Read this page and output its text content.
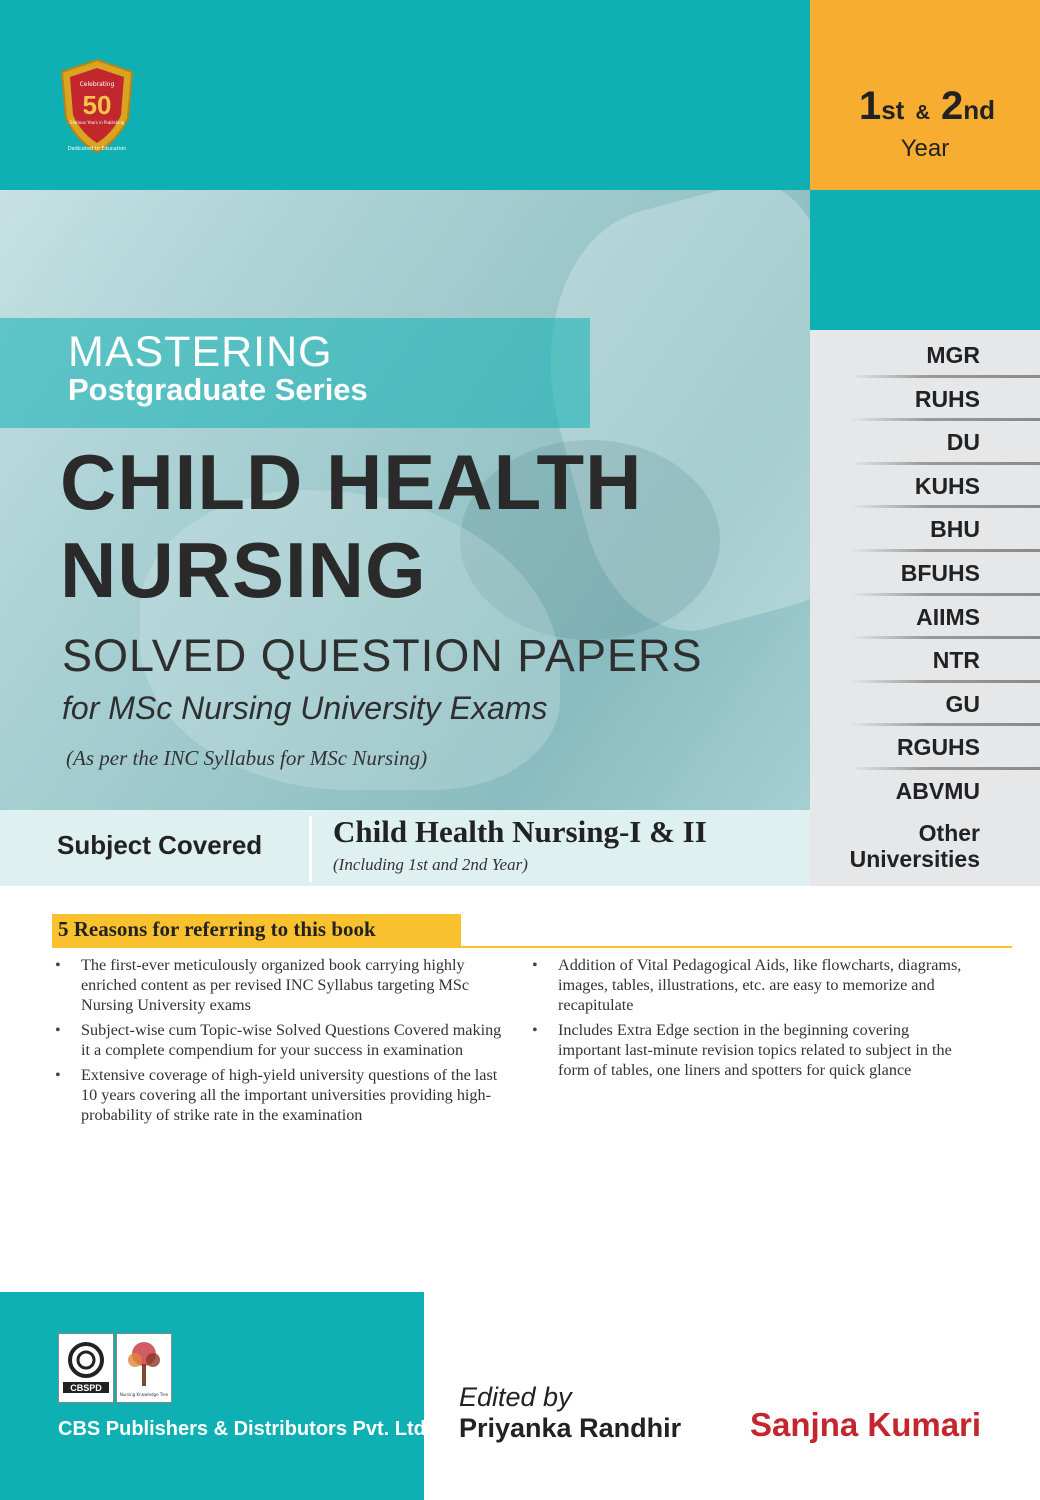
Celebrating
50
Glorious Years in Publishing
Dedicated to Education
1st & 2nd
Year
MASTERING
Postgraduate Series
CHILD HEALTH
NURSING
SOLVED QUESTION PAPERS
for MSc Nursing University Exams
(As per the INC Syllabus for MSc Nursing)
Subject Covered Child Health Nursing-I & II
(Including 1st and 2nd Year)
MGR
RUHS
DU
KUHS
BHU
BFUHS
AIIMS
NTR
GU
RGUHS
ABVMU
Other
Universities
5 Reasons for referring to this book
• The first-ever meticulously organized book carrying highly enriched content as per revised INC Syllabus targeting MSc Nursing University exams
• Subject-wise cum Topic-wise Solved Questions Covered making it a complete compendium for your success in examination
• Extensive coverage of high-yield university questions of the last 10 years covering all the important universities providing high-probability of strike rate in the examination
• Addition of Vital Pedagogical Aids, like flowcharts, diagrams, images, tables, illustrations, etc. are easy to memorize and recapitulate
• Includes Extra Edge section in the beginning covering important last-minute revision topics related to subject in the form of tables, one liners and spotters for quick glance
CBSPD
Nursing Knowledge Tree
CBS Publishers & Distributors Pvt. Ltd.
Edited by
Priyanka Randhir Sanjna Kumari
